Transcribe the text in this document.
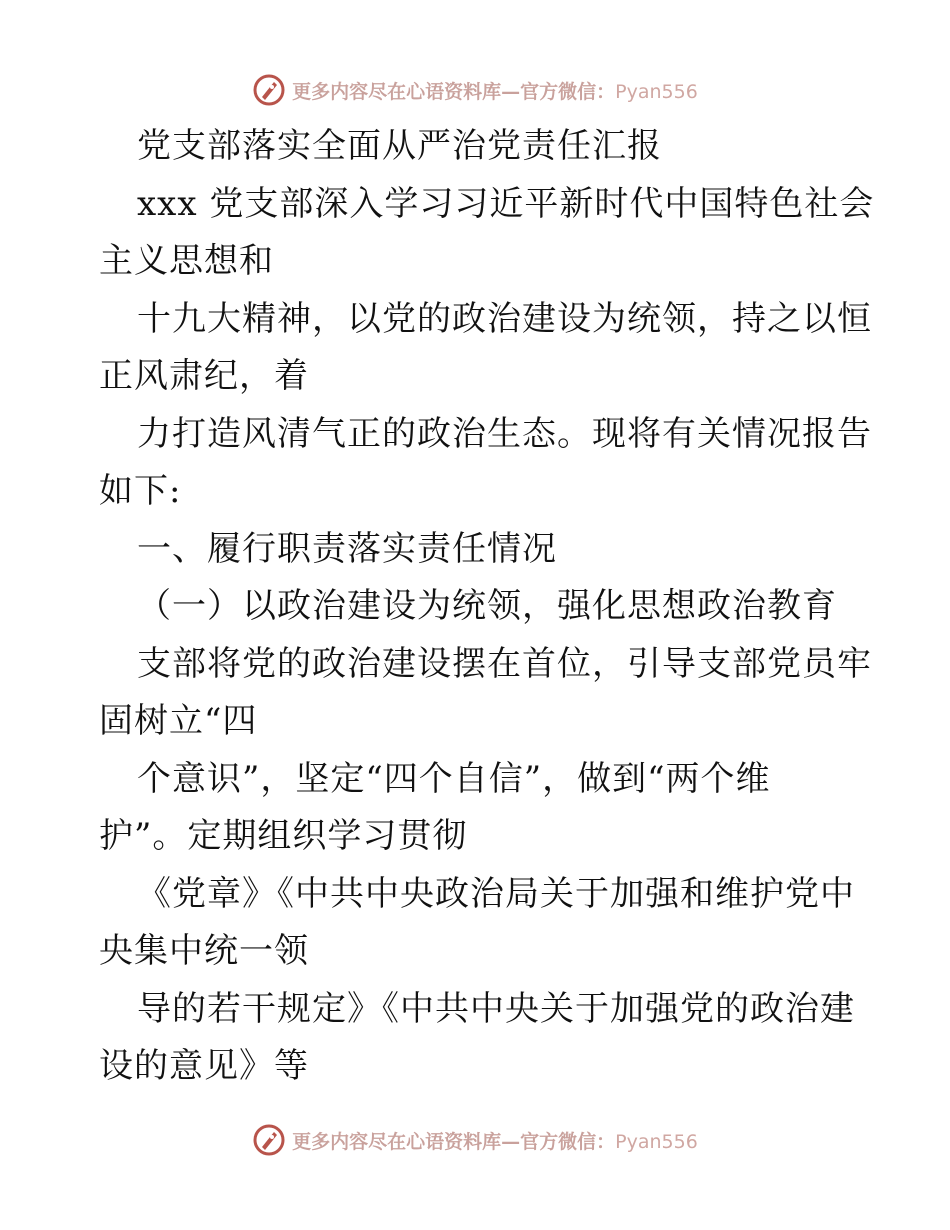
更多内容尽在心语资料库—官方微信：Pyan556
党支部落实全面从严治党责任汇报
xxx 党支部深入学习习近平新时代中国特色社会
主义思想和
十九大精神，以党的政治建设为统领，持之以恒
正风肃纪，着
力打造风清气正的政治生态。现将有关情况报告
如下:
一、履行职责落实责任情况
（一）以政治建设为统领，强化思想政治教育
支部将党的政治建设摆在首位，引导支部党员牢
固树立“四
个意识”，坚定“四个自信”，做到“两个维
护”。定期组织学习贯彻
《党章》《中共中央政治局关于加强和维护党中
央集中统一领
导的若干规定》《中共中央关于加强党的政治建
设的意见》等
更多内容尽在心语资料库—官方微信：Pyan556
